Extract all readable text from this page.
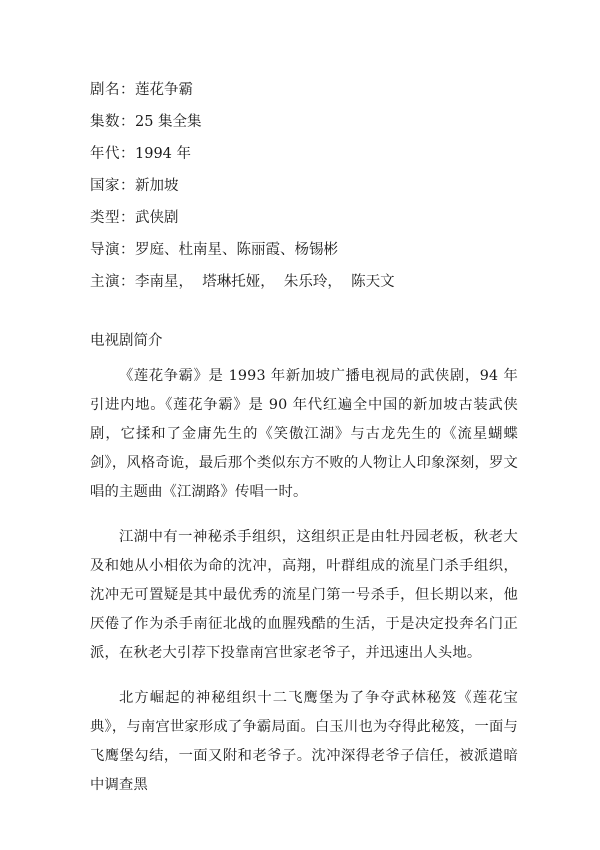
剧名：莲花争霸
集数：25 集全集
年代：1994 年
国家：新加坡
类型：武侠剧
导演：罗庭、杜南星、陈丽霞、杨锡彬
主演：李南星，  塔琳托娅，  朱乐玲，  陈天文
电视剧简介

《莲花争霸》是 1993 年新加坡广播电视局的武侠剧，94 年引进内地。《莲花争霸》是 90 年代红遍全中国的新加坡古装武侠剧，它揉和了金庸先生的《笑傲江湖》与古龙先生的《流星蝴蝶剑》，风格奇诡，最后那个类似东方不败的人物让人印象深刻，罗文唱的主题曲《江湖路》传唱一时。

江湖中有一神秘杀手组织，这组织正是由牡丹园老板，秋老大及和她从小相依为命的沈冲，高翔，叶群组成的流星门杀手组织，沈冲无可置疑是其中最优秀的流星门第一号杀手，但长期以来，他厌倦了作为杀手南征北战的血腥残酷的生活，于是决定投奔名门正派，在秋老大引荐下投靠南宫世家老爷子，并迅速出人头地。

北方崛起的神秘组织十二飞鹰堡为了争夺武林秘笈《莲花宝典》，与南宫世家形成了争霸局面。白玉川也为夺得此秘笈，一面与飞鹰堡勾结，一面又附和老爷子。沈冲深得老爷子信任，被派遣暗中调查黑
